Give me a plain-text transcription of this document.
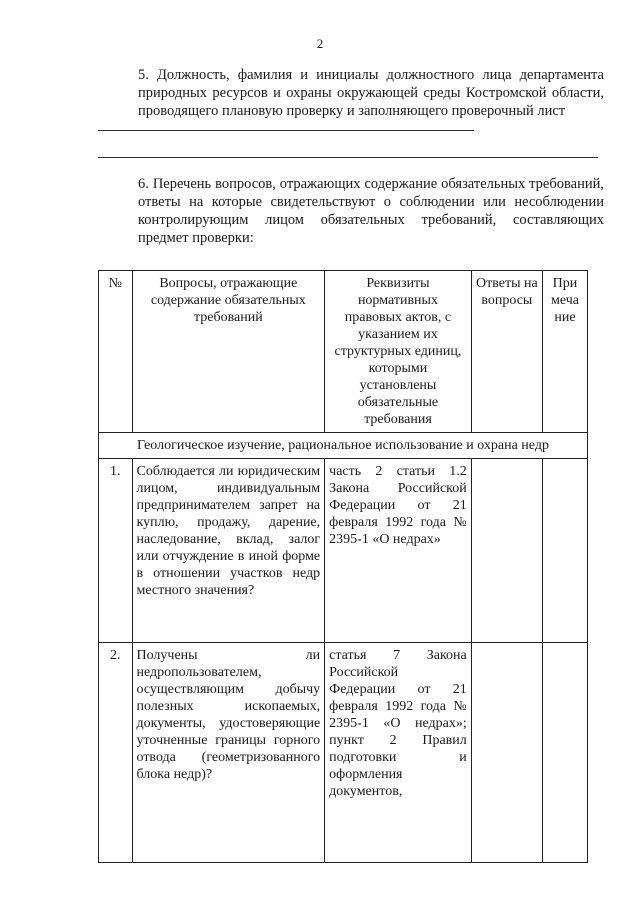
2
5. Должность, фамилия и инициалы должностного лица департамента природных ресурсов и охраны окружающей среды Костромской области, проводящего плановую проверку и заполняющего проверочный лист
6. Перечень вопросов, отражающих содержание обязательных требований, ответы на которые свидетельствуют о соблюдении или несоблюдении контролирующим лицом обязательных требований, составляющих предмет проверки:
№	Вопросы, отражающие содержание обязательных требований	Реквизиты нормативных правовых актов, с указанием их структурных единиц, которыми установлены обязательные требования	Ответы на вопросы	При меча ние
Геологическое изучение, рациональное использование и охрана недр				
1.	Соблюдается ли юридическим лицом, индивидуальным предпринимателем запрет на куплю, продажу, дарение, наследование, вклад, залог или отчуждение в иной форме в отношении участков недр местного значения?	часть 2 статьи 1.2 Закона Российской Федерации от 21 февраля 1992 года № 2395-1 «О недрах»		
2.	Получены ли недропользователем, осуществляющим добычу полезных ископаемых, документы, удостоверяющие уточненные границы горного отвода (геометризованного блока недр)?	статья 7 Закона Российской Федерации от 21 февраля 1992 года № 2395-1 «О недрах»; пункт 2 Правил подготовки и оформления документов,		
